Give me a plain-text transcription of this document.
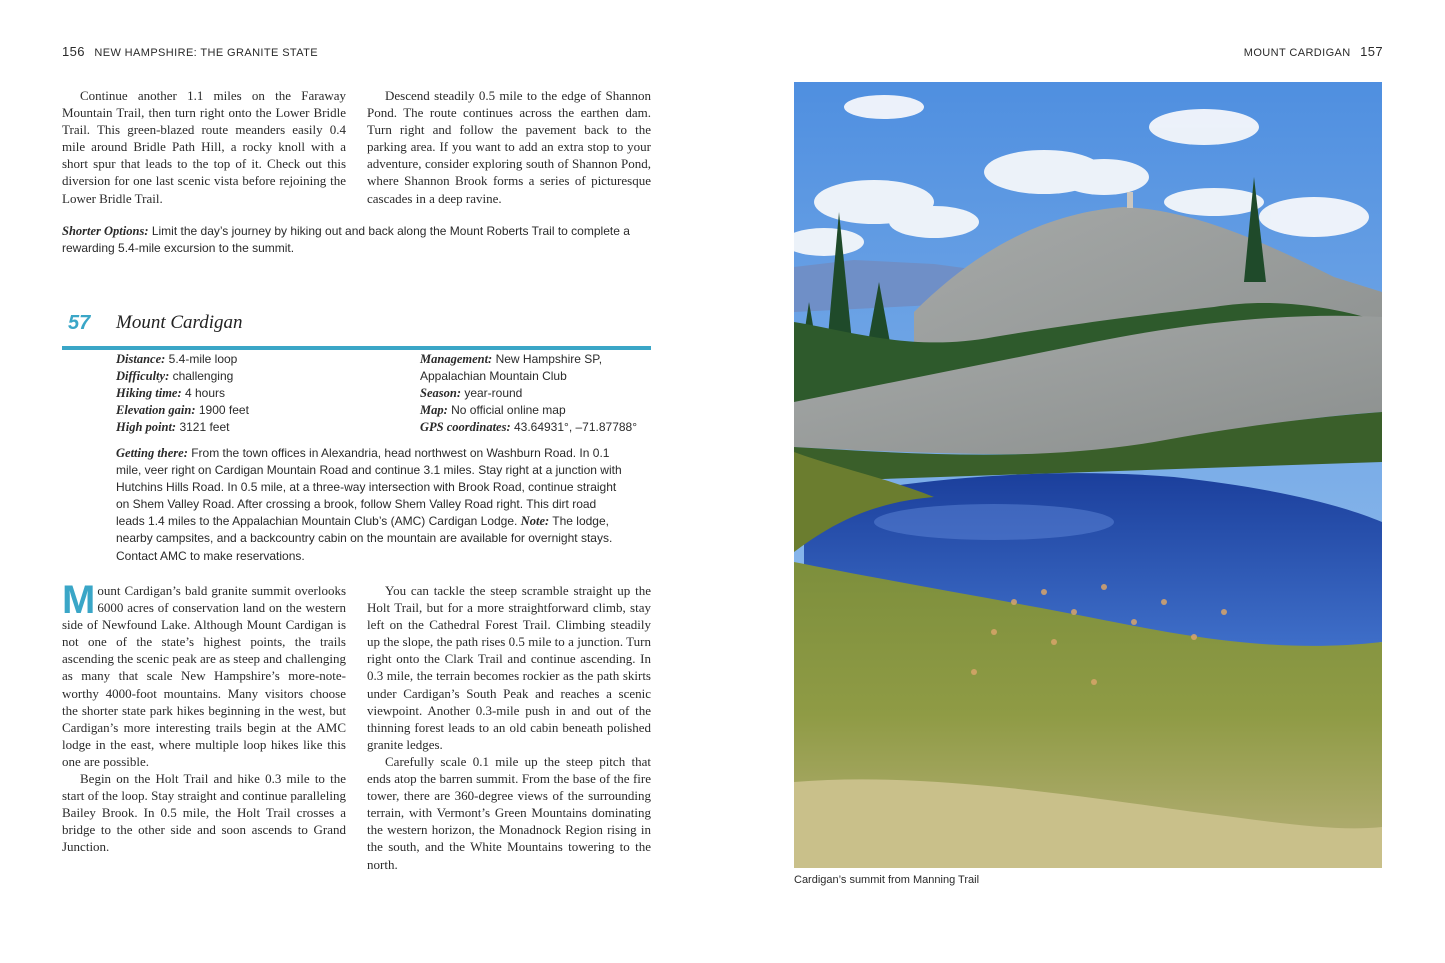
156 NEW HAMPSHIRE: THE GRANITE STATE	MOUNT CARDIGAN 157

Continue another 1.1 miles on the Faraway Mountain Trail, then turn right onto the Lower Bridle Trail. This green-blazed route meanders easily 0.4 mile around Bridle Path Hill, a rocky knoll with a short spur that leads to the top of it. Check out this diversion for one last scenic vista before rejoining the Lower Bridle Trail.

Descend steadily 0.5 mile to the edge of Shannon Pond. The route continues across the earthen dam. Turn right and follow the pavement back to the parking area. If you want to add an extra stop to your adventure, consider exploring south of Shannon Pond, where Shannon Brook forms a series of picturesque cascades in a deep ravine.

Shorter Options: Limit the day’s journey by hiking out and back along the Mount Roberts Trail to complete a rewarding 5.4-mile excursion to the summit.
57 Mount Cardigan
Distance: 5.4-mile loop
Difficulty: challenging
Hiking time: 4 hours
Elevation gain: 1900 feet
High point: 3121 feet
Management: New Hampshire SP,
Appalachian Mountain Club
Season: year-round
Map: No official online map
GPS coordinates: 43.64931°, –71.87788°
Getting there: From the town offices in Alexandria, head northwest on Washburn Road. In 0.1 mile, veer right on Cardigan Mountain Road and continue 3.1 miles. Stay right at a junction with Hutchins Hills Road. In 0.5 mile, at a three-way intersection with Brook Road, continue straight on Shem Valley Road. After crossing a brook, follow Shem Valley Road right. This dirt road leads 1.4 miles to the Appalachian Mountain Club’s (AMC) Cardigan Lodge. Note: The lodge, nearby campsites, and a backcountry cabin on the mountain are available for overnight stays. Contact AMC to make reservations.

Mount Cardigan’s bald granite summit overlooks 6000 acres of conservation land on the western side of Newfound Lake. Although Mount Cardigan is not one of the state’s highest points, the trails ascending the scenic peak are as steep and challenging as many that scale New Hampshire’s more-noteworthy 4000-foot mountains. Many visitors choose the shorter state park hikes beginning in the west, but Cardigan’s more interesting trails begin at the AMC lodge in the east, where multiple loop hikes like this one are possible.

Begin on the Holt Trail and hike 0.3 mile to the start of the loop. Stay straight and continue paralleling Bailey Brook. In 0.5 mile, the Holt Trail crosses a bridge to the other side and soon ascends to Grand Junction.

You can tackle the steep scramble straight up the Holt Trail, but for a more straightforward climb, stay left on the Cathedral Forest Trail. Climbing steadily up the slope, the path rises 0.5 mile to a junction. Turn right onto the Clark Trail and continue ascending. In 0.3 mile, the terrain becomes rockier as the path skirts under Cardigan’s South Peak and reaches a scenic viewpoint. Another 0.3-mile push in and out of the thinning forest leads to an old cabin beneath polished granite ledges.

Carefully scale 0.1 mile up the steep pitch that ends atop the barren summit. From the base of the fire tower, there are 360-degree views of the surrounding terrain, with Vermont’s Green Mountains dominating the western horizon, the Monadnock Region rising in the south, and the White Mountains towering to the north.

Cardigan’s summit from Manning Trail
